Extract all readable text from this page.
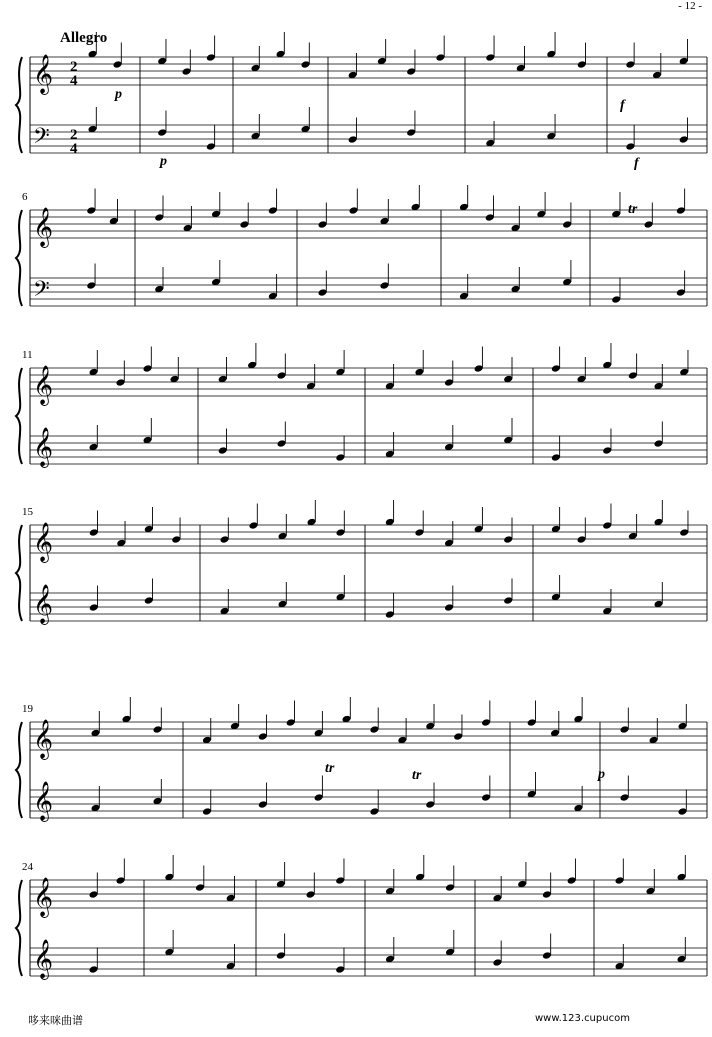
- 12 -
Allegro
𝄞
𝄢
2
4
2
4
𝄞
𝄢
6
𝄞
𝄞
11
𝄞
𝄞
15
𝄞
𝄞
19
𝄞
𝄞
24
p
p
f
f
p
tr
tr	tr
哆来咪曲谱	www.123.cupucom
